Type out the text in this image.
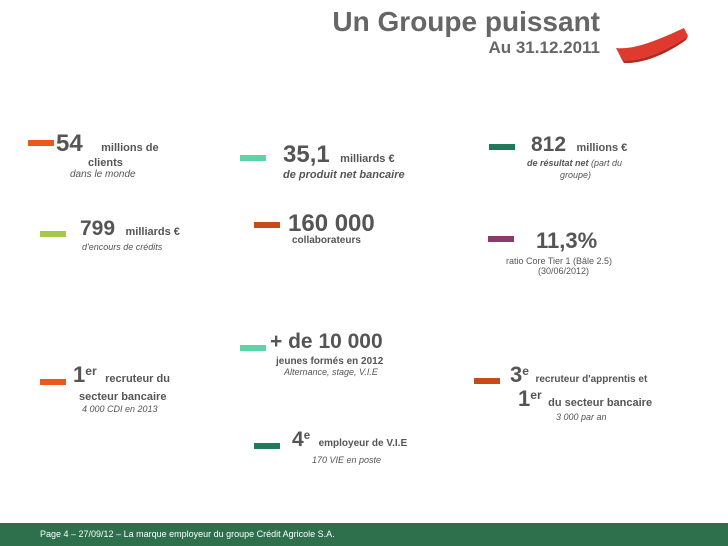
Un Groupe puissant
Au 31.12.2011
54 millions de
clients
dans le monde
35,1 milliards €
de produit net bancaire
812 millions €
de résultat net (part du
groupe)
799 milliards €
d'encours de crédits
160 000
collaborateurs	11,3%
ratio Core Tier 1 (Bâle 2.5)
(30/06/2012)
+ de 10 000
jeunes formés en 2012
Alternance, stage, V.I.E
1er recruteur du
secteur bancaire
4 000 CDI en 2013
3e recruteur d'apprentis et
1er du secteur bancaire
3 000 par an
4e employeur de V.I.E
170 VIE en poste
Page 4 – 27/09/12 – La marque employeur du groupe Crédit Agricole S.A.
